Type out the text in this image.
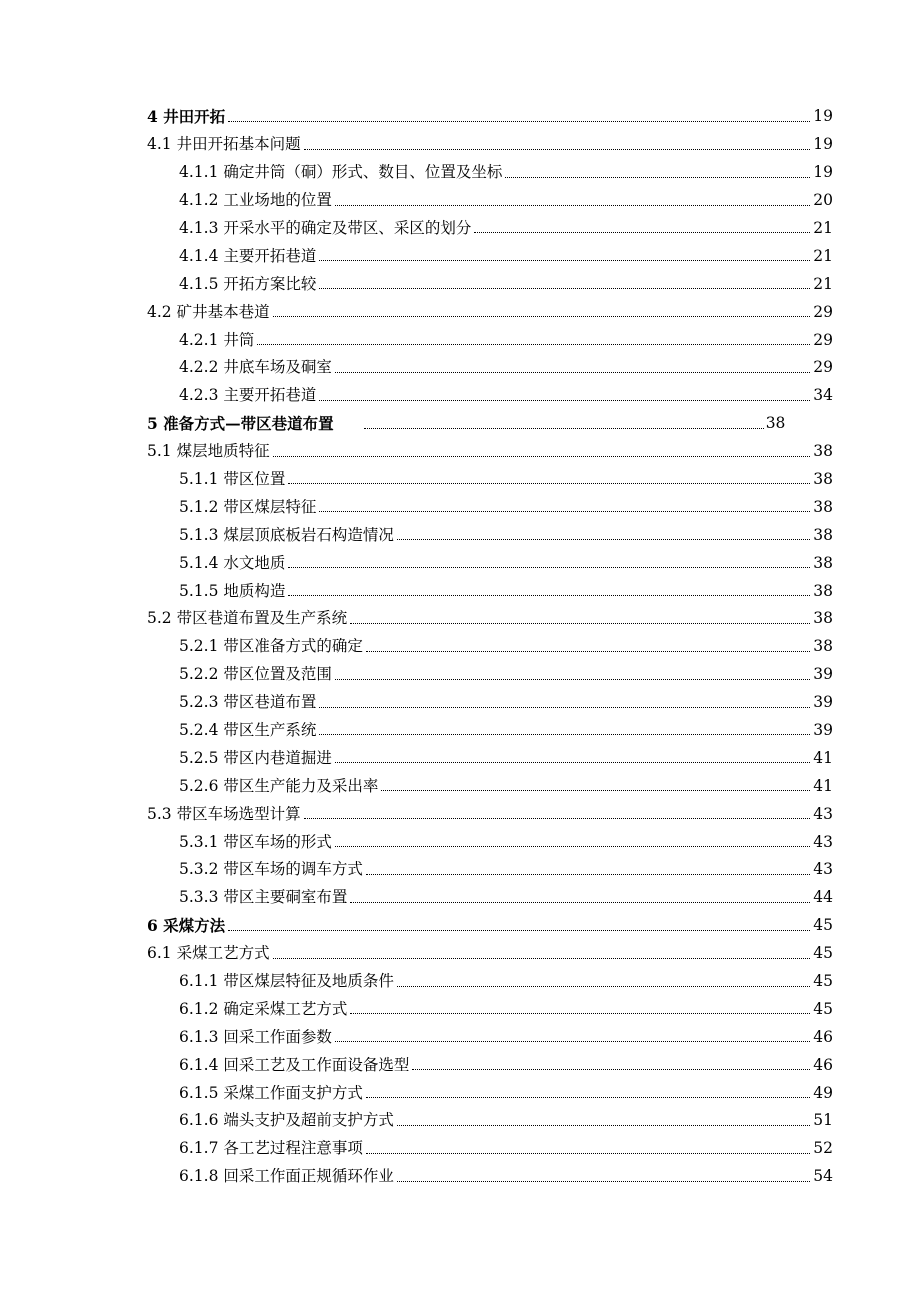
4 井田开拓	19
4.1 井田开拓基本问题	19
4.1.1 确定井筒（硐）形式、数目、位置及坐标	19
4.1.2 工业场地的位置	20
4.1.3 开采水平的确定及带区、采区的划分	21
4.1.4 主要开拓巷道	21
4.1.5 开拓方案比较	21
4.2 矿井基本巷道	29
4.2.1 井筒	29
4.2.2 井底车场及硐室	29
4.2.3 主要开拓巷道	34
5 准备方式—带区巷道布置	38
5.1 煤层地质特征	38
5.1.1 带区位置	38
5.1.2 带区煤层特征	38
5.1.3 煤层顶底板岩石构造情况	38
5.1.4 水文地质	38
5.1.5 地质构造	38
5.2 带区巷道布置及生产系统	38
5.2.1 带区准备方式的确定	38
5.2.2 带区位置及范围	39
5.2.3 带区巷道布置	39
5.2.4 带区生产系统	39
5.2.5 带区内巷道掘进	41
5.2.6 带区生产能力及采出率	41
5.3 带区车场选型计算	43
5.3.1 带区车场的形式	43
5.3.2 带区车场的调车方式	43
5.3.3 带区主要硐室布置	44
6 采煤方法	45
6.1 采煤工艺方式	45
6.1.1 带区煤层特征及地质条件	45
6.1.2 确定采煤工艺方式	45
6.1.3 回采工作面参数	46
6.1.4 回采工艺及工作面设备选型	46
6.1.5 采煤工作面支护方式	49
6.1.6 端头支护及超前支护方式	51
6.1.7 各工艺过程注意事项	52
6.1.8 回采工作面正规循环作业	54
